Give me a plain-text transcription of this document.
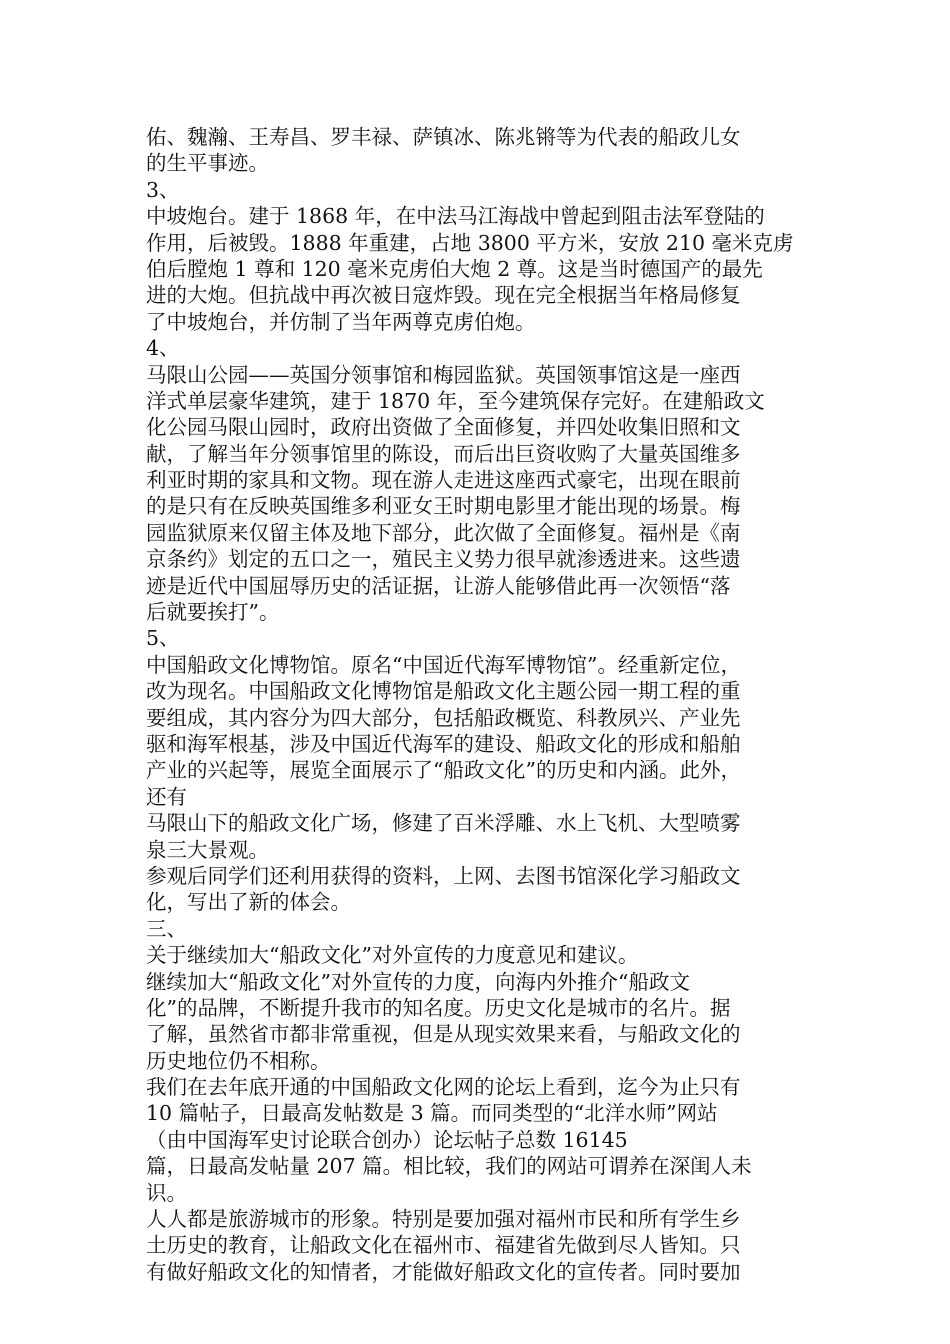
佑、魏瀚、王寿昌、罗丰禄、萨镇冰、陈兆锵等为代表的船政儿女
的生平事迹。
3、
中坡炮台。建于 1868 年，在中法马江海战中曾起到阻击法军登陆的
作用，后被毁。1888 年重建，占地 3800 平方米，安放 210 毫米克虏
伯后膛炮 1 尊和 120 毫米克虏伯大炮 2 尊。这是当时德国产的最先
进的大炮。但抗战中再次被日寇炸毁。现在完全根据当年格局修复
了中坡炮台，并仿制了当年两尊克虏伯炮。
4、
马限山公园——英国分领事馆和梅园监狱。英国领事馆这是一座西
洋式单层豪华建筑，建于 1870 年，至今建筑保存完好。在建船政文
化公园马限山园时，政府出资做了全面修复，并四处收集旧照和文
献，了解当年分领事馆里的陈设，而后出巨资收购了大量英国维多
利亚时期的家具和文物。现在游人走进这座西式豪宅，出现在眼前
的是只有在反映英国维多利亚女王时期电影里才能出现的场景。梅
园监狱原来仅留主体及地下部分，此次做了全面修复。福州是《南
京条约》划定的五口之一，殖民主义势力很早就渗透进来。这些遗
迹是近代中国屈辱历史的活证据，让游人能够借此再一次领悟“落
后就要挨打”。
5、
中国船政文化博物馆。原名“中国近代海军博物馆”。经重新定位，
改为现名。中国船政文化博物馆是船政文化主题公园一期工程的重
要组成，其内容分为四大部分，包括船政概览、科教夙兴、产业先
驱和海军根基，涉及中国近代海军的建设、船政文化的形成和船舶
产业的兴起等，展览全面展示了“船政文化”的历史和内涵。此外，
还有
马限山下的船政文化广场，修建了百米浮雕、水上飞机、大型喷雾
泉三大景观。
参观后同学们还利用获得的资料，上网、去图书馆深化学习船政文
化，写出了新的体会。
三、
关于继续加大“船政文化”对外宣传的力度意见和建议。
继续加大“船政文化”对外宣传的力度，向海内外推介“船政文
化”的品牌，不断提升我市的知名度。历史文化是城市的名片。据
了解，虽然省市都非常重视，但是从现实效果来看，与船政文化的
历史地位仍不相称。
我们在去年底开通的中国船政文化网的论坛上看到，迄今为止只有
10 篇帖子，日最高发帖数是 3 篇。而同类型的“北洋水师”网站
（由中国海军史讨论联合创办）论坛帖子总数 16145
篇，日最高发帖量 207 篇。相比较，我们的网站可谓养在深闺人未
识。
人人都是旅游城市的形象。特别是要加强对福州市民和所有学生乡
土历史的教育，让船政文化在福州市、福建省先做到尽人皆知。只
有做好船政文化的知情者，才能做好船政文化的宣传者。同时要加
